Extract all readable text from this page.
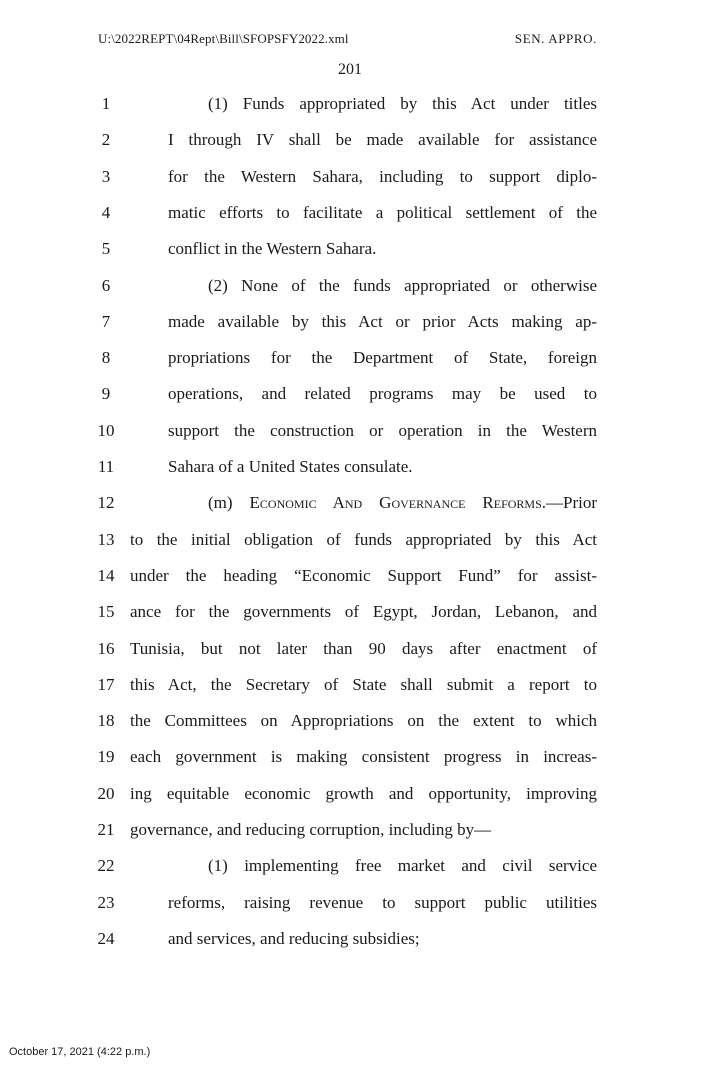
U:\2022REPT\04Rept\Bill\SFOPSFY2022.xml	SEN. APPRO.
201
1	(1) Funds appropriated by this Act under titles
2	I through IV shall be made available for assistance
3	for the Western Sahara, including to support diplo-
4	matic efforts to facilitate a political settlement of the
5	conflict in the Western Sahara.
6	(2) None of the funds appropriated or otherwise
7	made available by this Act or prior Acts making ap-
8	propriations for the Department of State, foreign
9	operations, and related programs may be used to
10	support the construction or operation in the Western
11	Sahara of a United States consulate.
12	(m) Economic And Governance Reforms.—Prior
13 to the initial obligation of funds appropriated by this Act
14 under the heading “Economic Support Fund” for assist-
15 ance for the governments of Egypt, Jordan, Lebanon, and
16 Tunisia, but not later than 90 days after enactment of
17 this Act, the Secretary of State shall submit a report to
18 the Committees on Appropriations on the extent to which
19 each government is making consistent progress in increas-
20 ing equitable economic growth and opportunity, improving
21 governance, and reducing corruption, including by—
22	(1) implementing free market and civil service
23	reforms, raising revenue to support public utilities
24	and services, and reducing subsidies;
October 17, 2021 (4:22 p.m.)
